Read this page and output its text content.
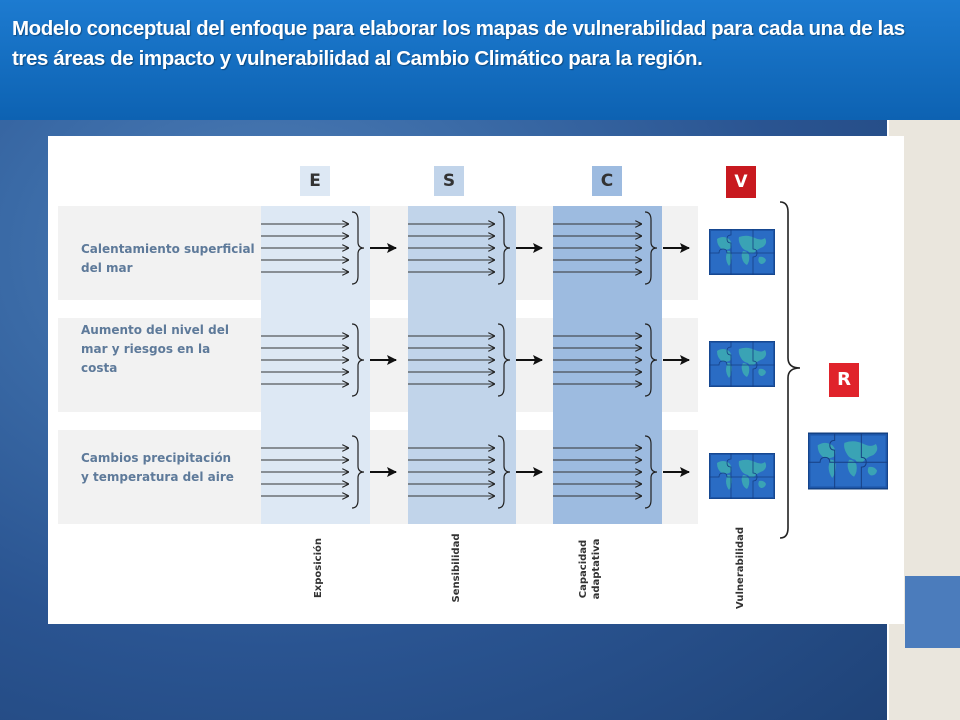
Modelo conceptual del enfoque para elaborar los mapas de vulnerabilidad para cada una de las tres áreas de impacto y vulnerabilidad al Cambio Climático para la región.

Calentamiento superficial del mar
Aumento del nivel del mar y riesgos en la costa
Cambios precipitación y temperatura del aire
E	S	C	V
R
Exposición	Sensibilidad	Capacidad adaptativa	Vulnerabilidad
